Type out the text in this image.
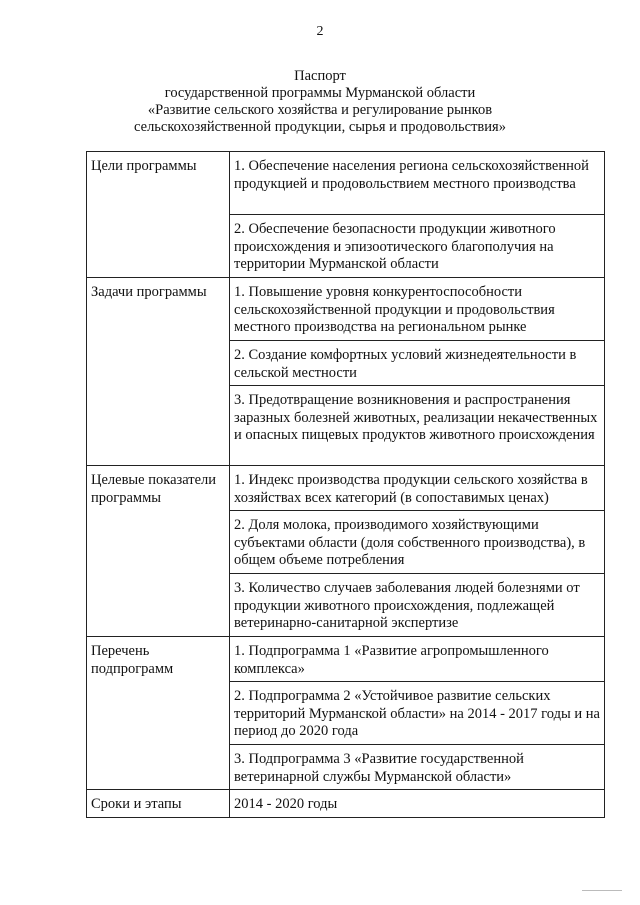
2
Паспорт
государственной программы Мурманской области
«Развитие сельского хозяйства и регулирование рынков
сельскохозяйственной продукции, сырья и продовольствия»
Цели программы	1. Обеспечение населения региона сельскохозяйственной продукцией и продовольствием местного производства
	2. Обеспечение безопасности продукции животного происхождения и эпизоотического благополучия на территории Мурманской области
Задачи программы	1. Повышение уровня конкурентоспособности сельскохозяйственной продукции и продовольствия местного производства на региональном рынке
	2. Создание комфортных условий жизнедеятельности в сельской местности
	3. Предотвращение возникновения и распространения заразных болезней животных, реализации некачественных и опасных пищевых продуктов животного происхождения
Целевые показатели программы	1. Индекс производства продукции сельского хозяйства в хозяйствах всех категорий (в сопоставимых ценах)
	2. Доля молока, производимого хозяйствующими субъектами области (доля собственного производства), в общем объеме потребления
	3. Количество случаев заболевания людей болезнями от продукции животного происхождения, подлежащей ветеринарно-санитарной экспертизе
Перечень подпрограмм	1. Подпрограмма 1 «Развитие агропромышленного комплекса»
	2. Подпрограмма 2 «Устойчивое развитие сельских территорий Мурманской области» на 2014 - 2017 годы и на период до 2020 года
	3. Подпрограмма 3 «Развитие государственной ветеринарной службы Мурманской области»
Сроки и этапы	2014 - 2020 годы
